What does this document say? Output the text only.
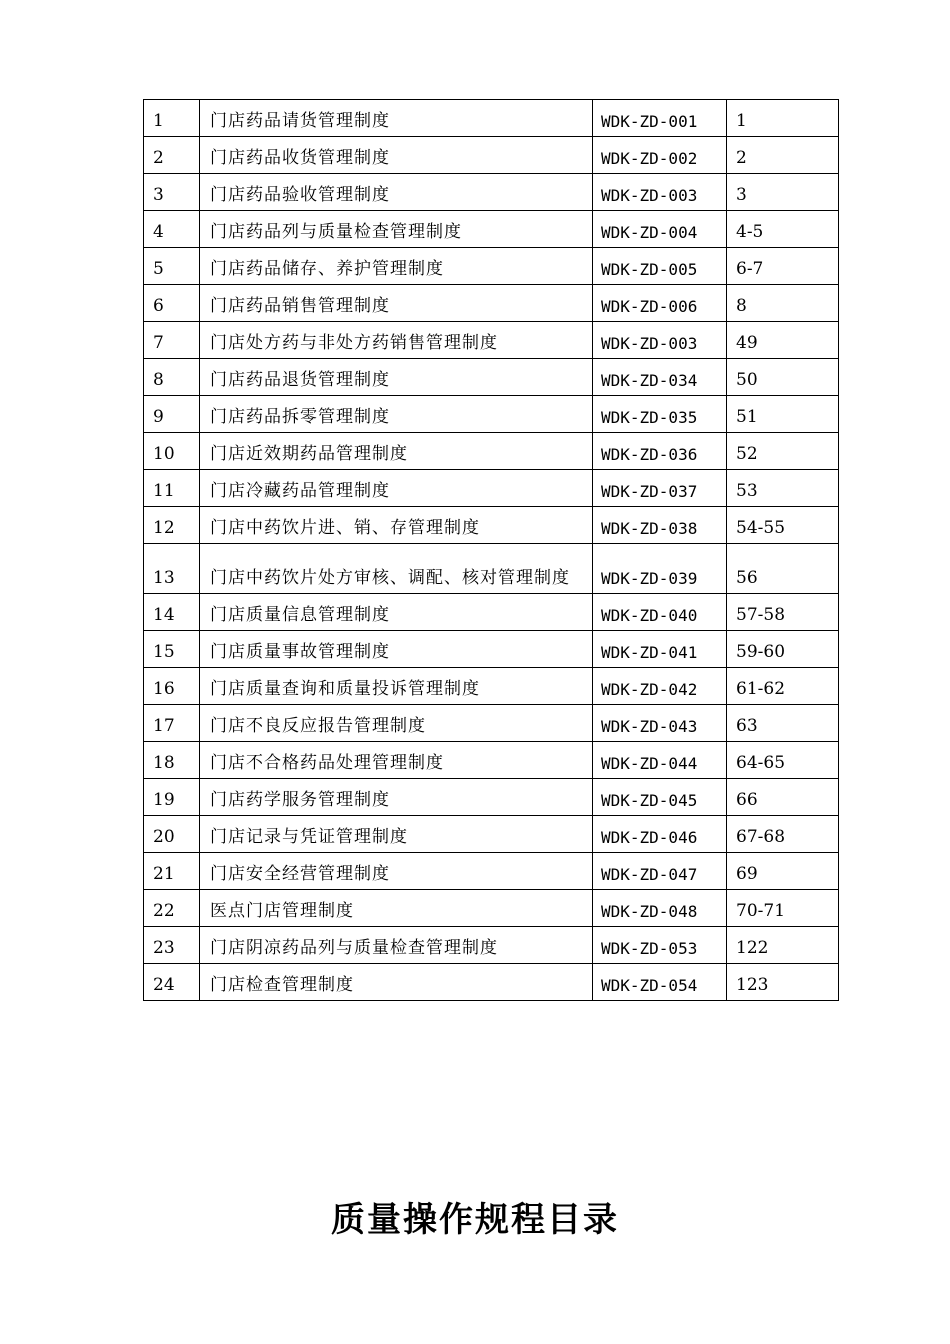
1	门店药品请货管理制度	WDK-ZD-001	1
2	门店药品收货管理制度	WDK-ZD-002	2
3	门店药品验收管理制度	WDK-ZD-003	3
4	门店药品列与质量检查管理制度	WDK-ZD-004	4-5
5	门店药品储存、养护管理制度	WDK-ZD-005	6-7
6	门店药品销售管理制度	WDK-ZD-006	8
7	门店处方药与非处方药销售管理制度	WDK-ZD-003	49
8	门店药品退货管理制度	WDK-ZD-034	50
9	门店药品拆零管理制度	WDK-ZD-035	51
10	门店近效期药品管理制度	WDK-ZD-036	52
11	门店冷藏药品管理制度	WDK-ZD-037	53
12	门店中药饮片进、销、存管理制度	WDK-ZD-038	54-55
13	门店中药饮片处方审核、调配、核对管理制度	WDK-ZD-039	56
14	门店质量信息管理制度	WDK-ZD-040	57-58
15	门店质量事故管理制度	WDK-ZD-041	59-60
16	门店质量查询和质量投诉管理制度	WDK-ZD-042	61-62
17	门店不良反应报告管理制度	WDK-ZD-043	63
18	门店不合格药品处理管理制度	WDK-ZD-044	64-65
19	门店药学服务管理制度	WDK-ZD-045	66
20	门店记录与凭证管理制度	WDK-ZD-046	67-68
21	门店安全经营管理制度	WDK-ZD-047	69
22	医点门店管理制度	WDK-ZD-048	70-71
23	门店阴凉药品列与质量检查管理制度	WDK-ZD-053	122
24	门店检查管理制度	WDK-ZD-054	123
质量操作规程目录
